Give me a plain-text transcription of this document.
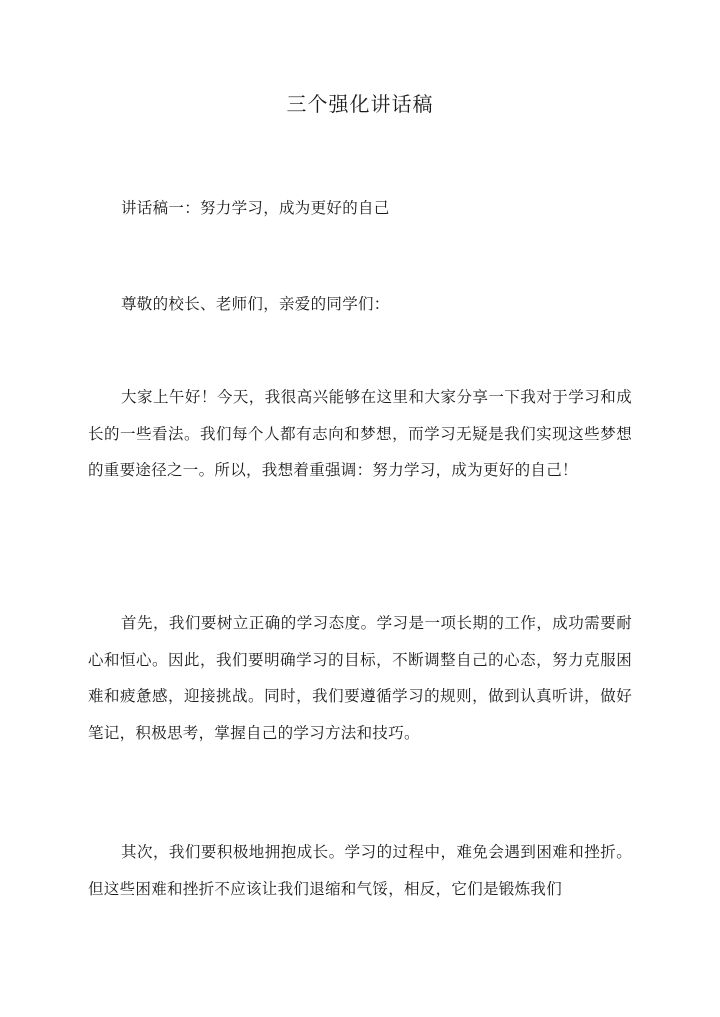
三个强化讲话稿

讲话稿一：努力学习，成为更好的自己

尊敬的校长、老师们，亲爱的同学们：

大家上午好！今天，我很高兴能够在这里和大家分享一下我对于学习和成长的一些看法。我们每个人都有志向和梦想，而学习无疑是我们实现这些梦想的重要途径之一。所以，我想着重强调：努力学习，成为更好的自己！

首先，我们要树立正确的学习态度。学习是一项长期的工作，成功需要耐心和恒心。因此，我们要明确学习的目标，不断调整自己的心态，努力克服困难和疲惫感，迎接挑战。同时，我们要遵循学习的规则，做到认真听讲，做好笔记，积极思考，掌握自己的学习方法和技巧。

其次，我们要积极地拥抱成长。学习的过程中，难免会遇到困难和挫折。但这些困难和挫折不应该让我们退缩和气馁，相反，它们是锻炼我们
